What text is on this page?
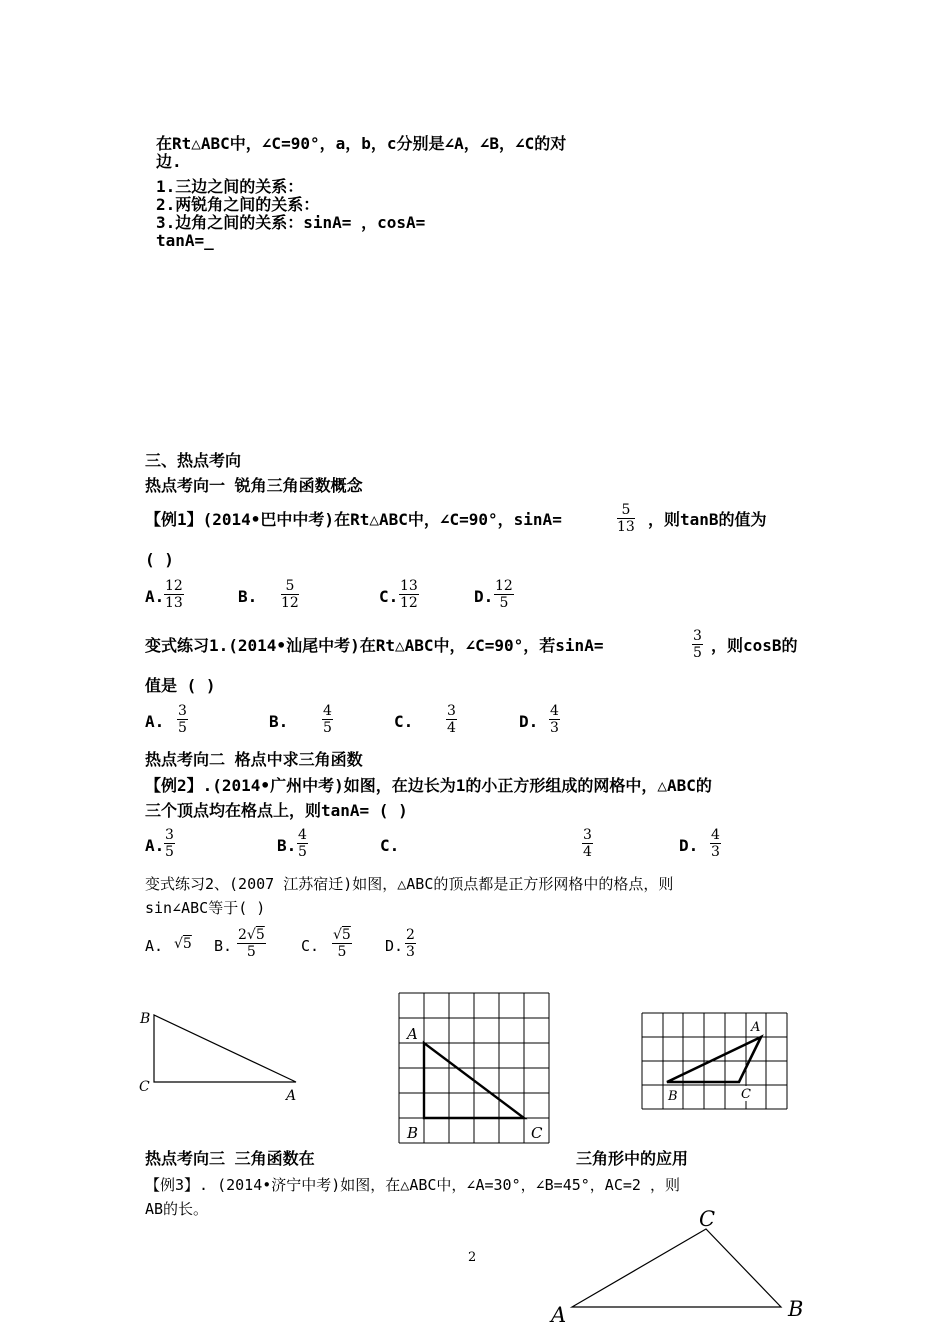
在Rt△ABC中，∠C=90°，a，b，c分别是∠A，∠B，∠C的对
边.
1.三边之间的关系：
2.两锐角之间的关系：
3.边角之间的关系：sinA= ，cosA=
tanA=_
三、热点考向
热点考向一 锐角三角函数概念
【例1】(2014•巴中中考)在Rt△ABC中，∠C=90°，sinA=	$\frac{5}{13}$ ，则tanB的值为
( )
A. $\frac{12}{13}$	B. $\frac{5}{12}$	C. $\frac{13}{12}$	D. $\frac{12}{5}$
变式练习1.(2014•汕尾中考)在Rt△ABC中，∠C=90°，若sinA=	$\frac{3}{5}$ ，则cosB的
值是 ( )
A. $\frac{3}{5}$	B. $\frac{4}{5}$	C. $\frac{3}{4}$	D. $\frac{4}{3}$
热点考向二 格点中求三角函数
【例2】.(2014•广州中考)如图，在边长为1的小正方形组成的网格中，△ABC的
三个顶点均在格点上，则tanA= ( )
A. $\frac{3}{5}$	B. $\frac{4}{5}$	C.	$\frac{3}{4}$	D. $\frac{4}{3}$
变式练习2、(2007 江苏宿迁)如图，△ABC的顶点都是正方形网格中的格点，则
sin∠ABC等于( )
A. √5 B. $\frac{2√5}{5} C$. $\frac{√5}{5} D$. $\frac{2}{3}$
B
C
A
A
B	C
A
B	C
热点考向三 三角函数在	三角形中的应用
【例3】. (2014•济宁中考)如图，在△ABC中，∠A=30°，∠B=45°，AC=2 ，则
AB的长。
2
C
A	B
